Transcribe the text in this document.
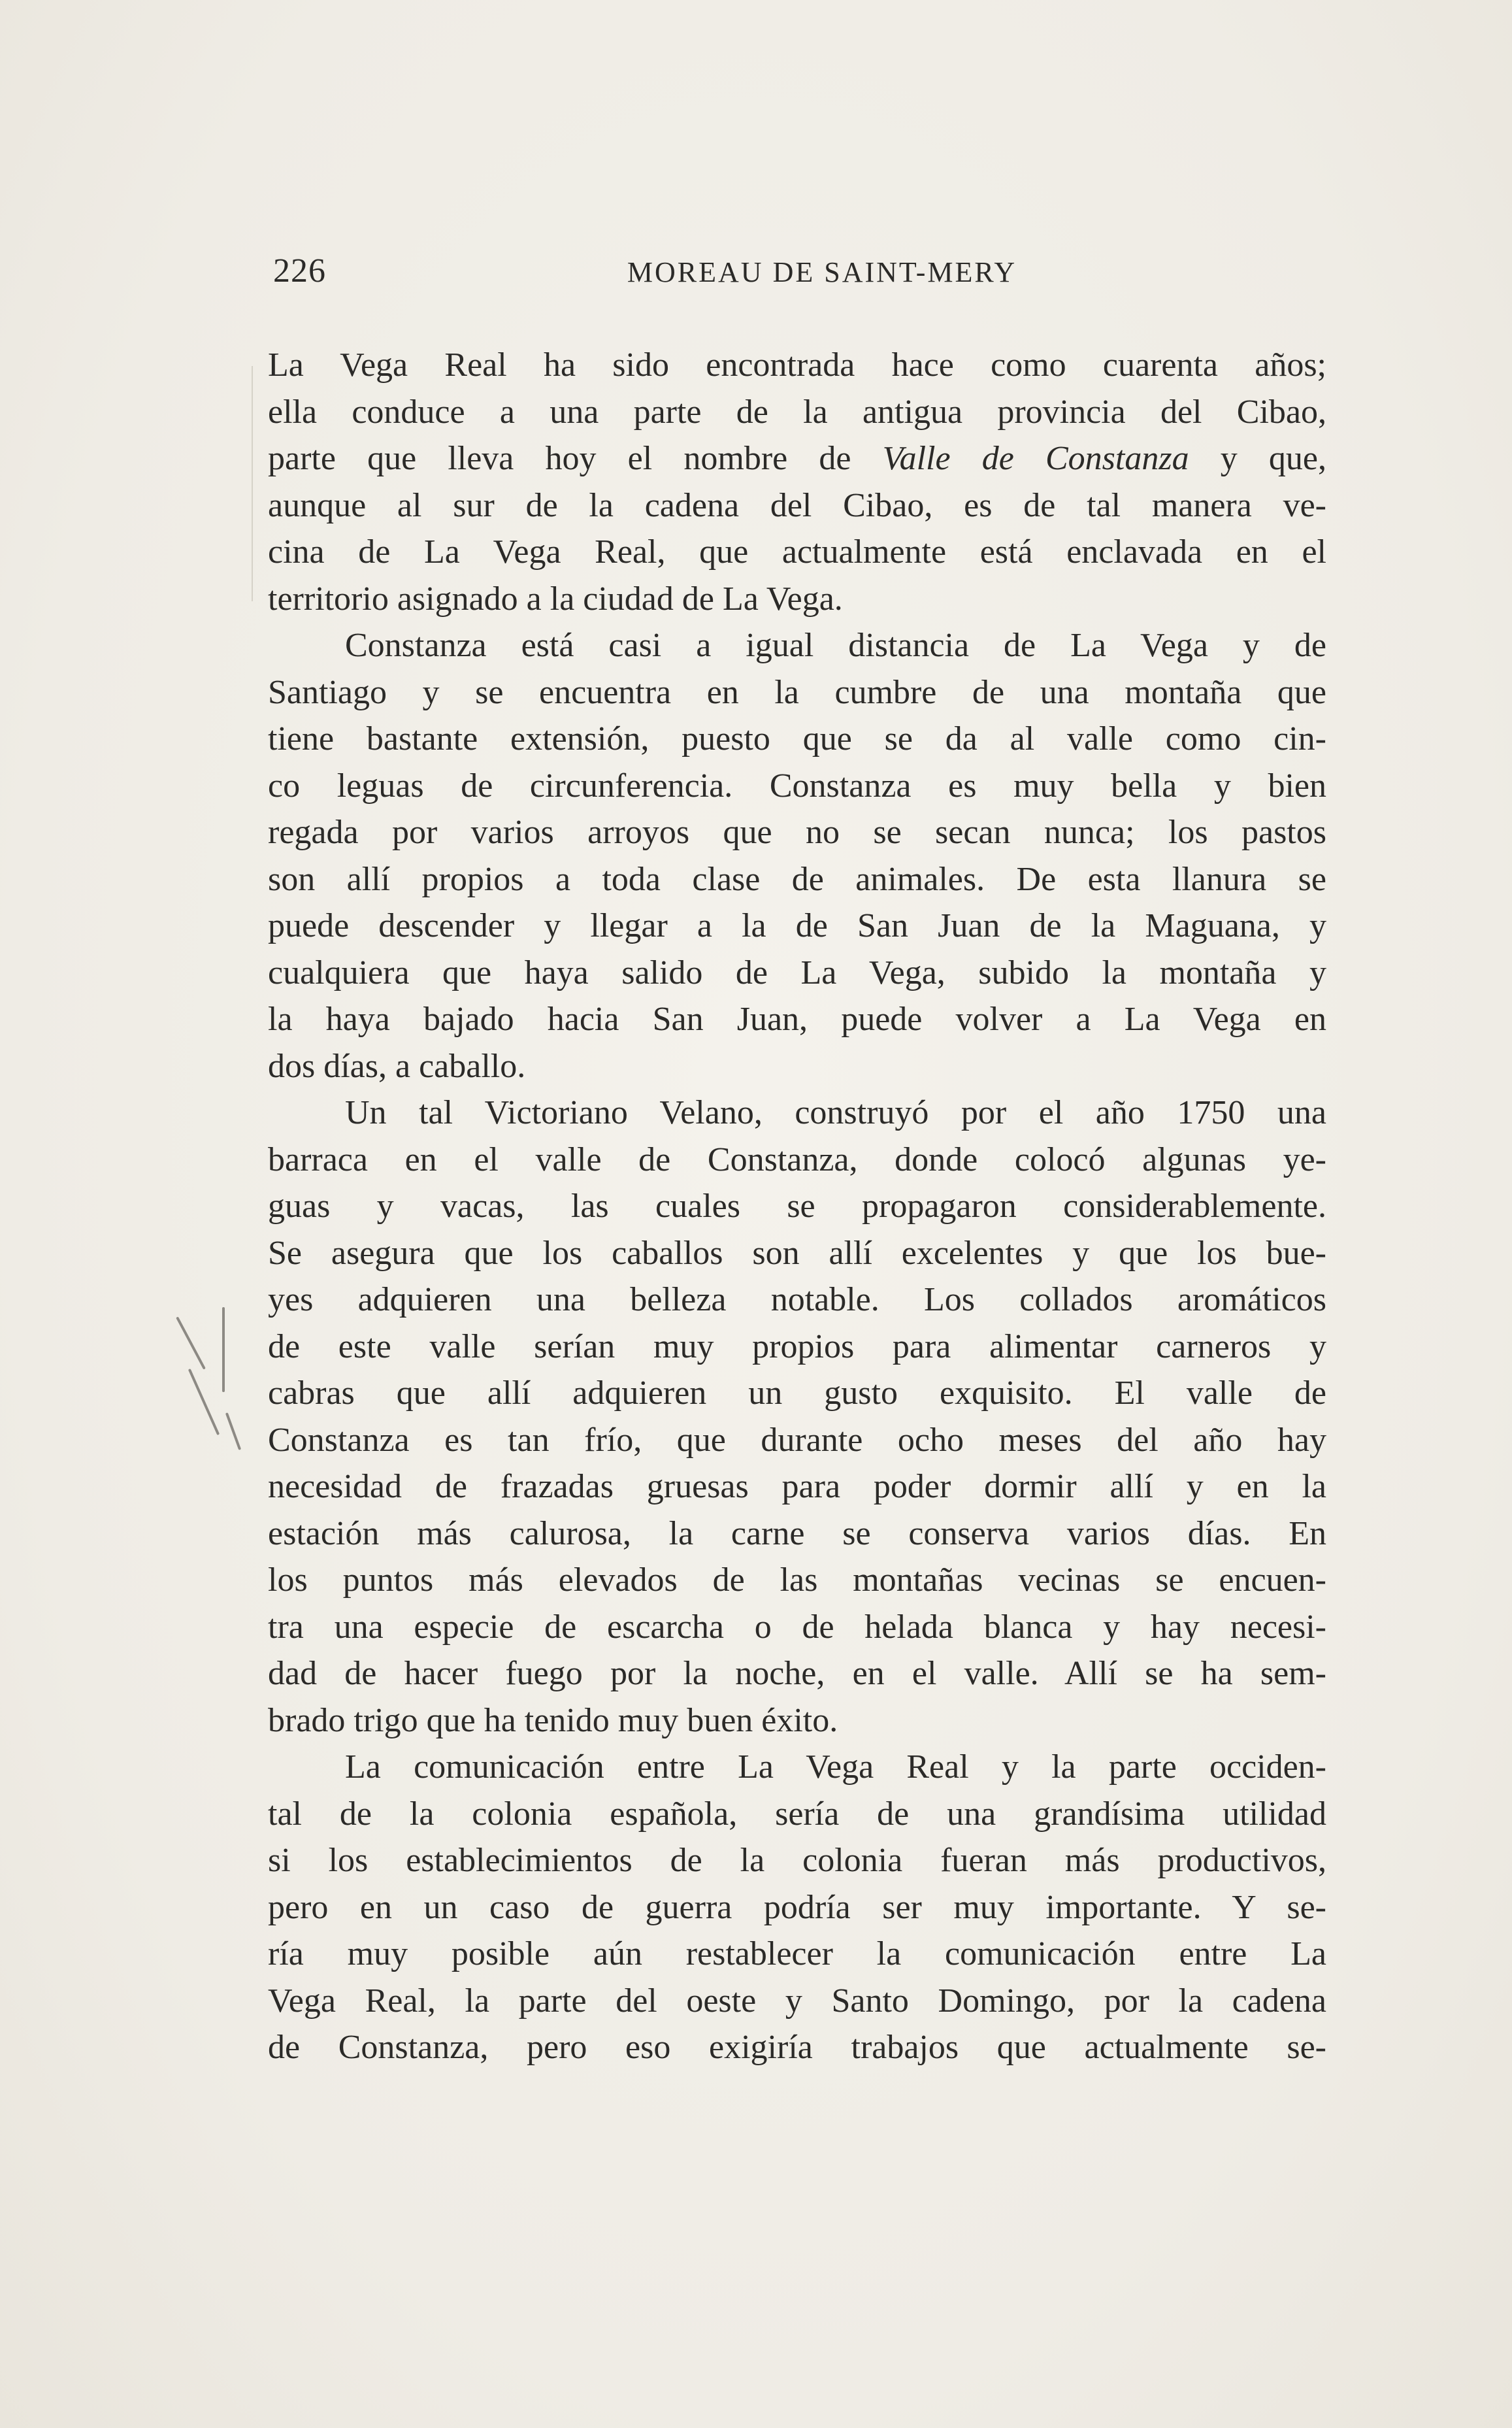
226	MOREAU DE SAINT-MERY
La Vega Real ha sido encontrada hace como cuarenta años;
ella conduce a una parte de la antigua provincia del Cibao,
parte que lleva hoy el nombre de Valle de Constanza y que,
aunque al sur de la cadena del Cibao, es de tal manera ve-
cina de La Vega Real, que actualmente está enclavada en el
territorio asignado a la ciudad de La Vega.
Constanza está casi a igual distancia de La Vega y de
Santiago y se encuentra en la cumbre de una montaña que
tiene bastante extensión, puesto que se da al valle como cin-
co leguas de circunferencia. Constanza es muy bella y bien
regada por varios arroyos que no se secan nunca; los pastos
son allí propios a toda clase de animales. De esta llanura se
puede descender y llegar a la de San Juan de la Maguana, y
cualquiera que haya salido de La Vega, subido la montaña y
la haya bajado hacia San Juan, puede volver a La Vega en
dos días, a caballo.
Un tal Victoriano Velano, construyó por el año 1750 una
barraca en el valle de Constanza, donde colocó algunas ye-
guas y vacas, las cuales se propagaron considerablemente.
Se asegura que los caballos son allí excelentes y que los bue-
yes adquieren una belleza notable. Los collados aromáticos
de este valle serían muy propios para alimentar carneros y
cabras que allí adquieren un gusto exquisito. El valle de
Constanza es tan frío, que durante ocho meses del año hay
necesidad de frazadas gruesas para poder dormir allí y en la
estación más calurosa, la carne se conserva varios días. En
los puntos más elevados de las montañas vecinas se encuen-
tra una especie de escarcha o de helada blanca y hay necesi-
dad de hacer fuego por la noche, en el valle. Allí se ha sem-
brado trigo que ha tenido muy buen éxito.
La comunicación entre La Vega Real y la parte occiden-
tal de la colonia española, sería de una grandísima utilidad
si los establecimientos de la colonia fueran más productivos,
pero en un caso de guerra podría ser muy importante. Y se-
ría muy posible aún restablecer la comunicación entre La
Vega Real, la parte del oeste y Santo Domingo, por la cadena
de Constanza, pero eso exigiría trabajos que actualmente se-
